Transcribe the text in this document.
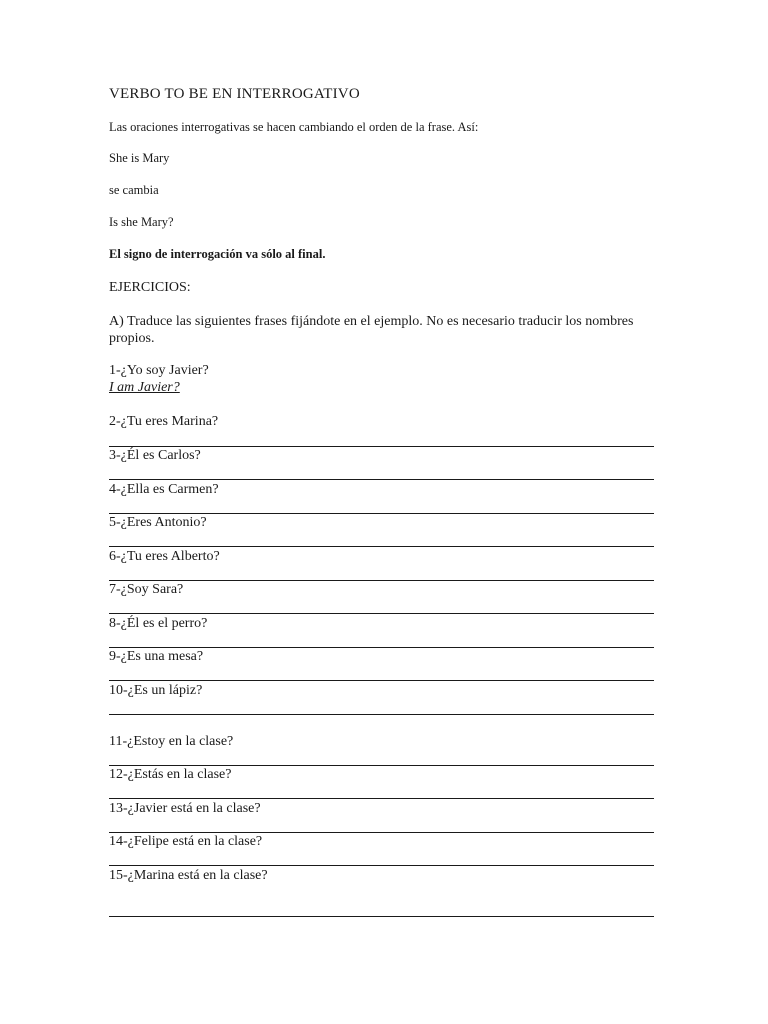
VERBO TO BE EN INTERROGATIVO
Las oraciones interrogativas se hacen cambiando el orden de la frase. Así:
She is Mary
se cambia
Is she Mary?
El signo de interrogación va sólo al final.
EJERCICIOS:
A) Traduce las siguientes frases fijándote en el ejemplo. No es necesario traducir los nombres propios.
1-¿Yo soy Javier?
I am Javier?
2-¿Tu eres Marina?
3-¿Él es Carlos?
4-¿Ella es Carmen?
5-¿Eres Antonio?
6-¿Tu eres Alberto?
7-¿Soy Sara?
8-¿Él es el perro?
9-¿Es una mesa?
10-¿Es un lápiz?
11-¿Estoy en la clase?
12-¿Estás en la clase?
13-¿Javier está en la clase?
14-¿Felipe está en la clase?
15-¿Marina está en la clase?
